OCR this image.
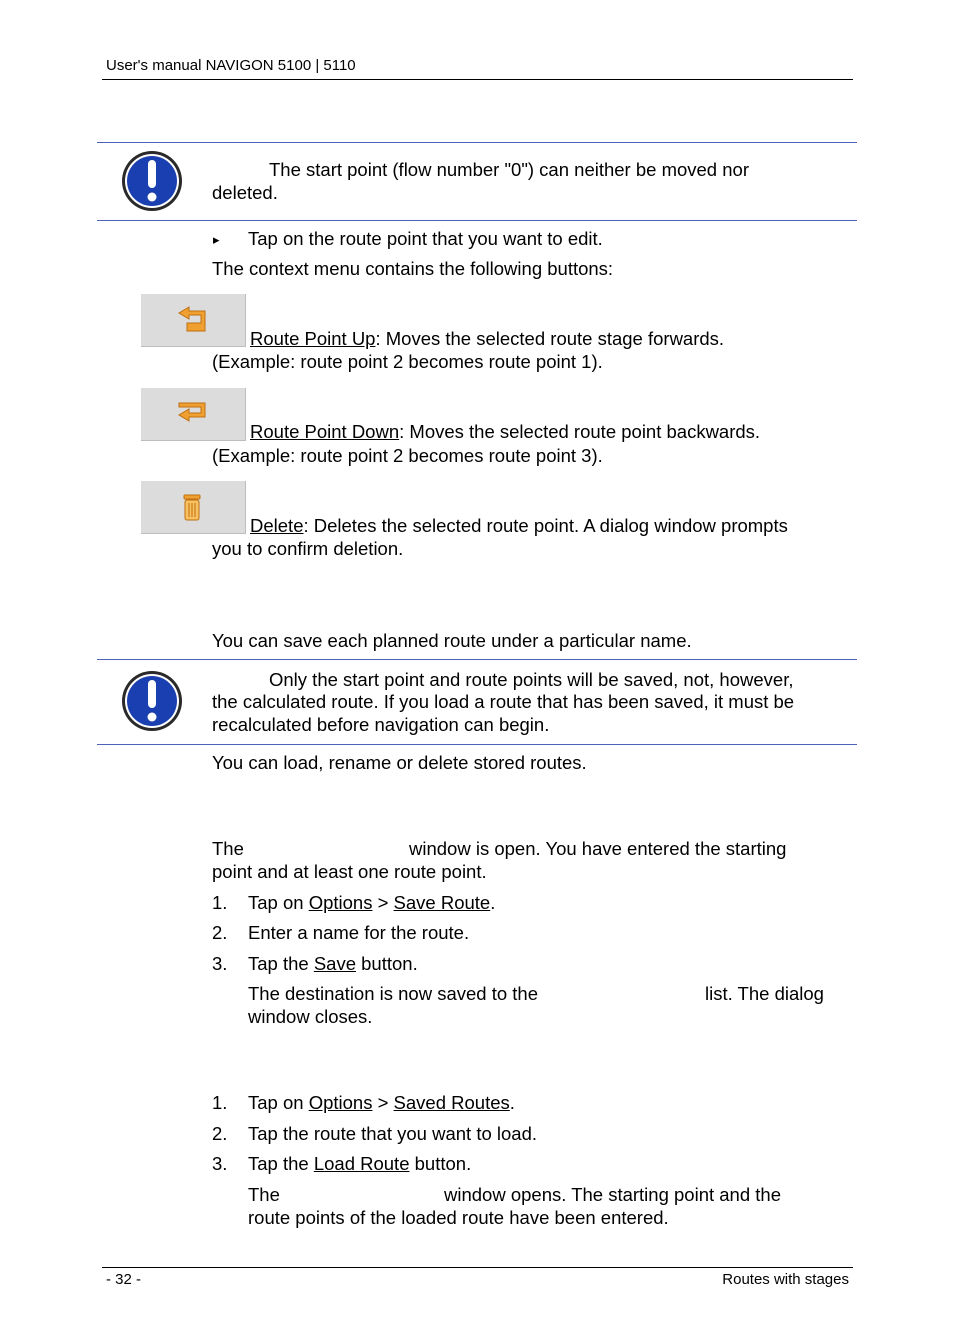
User's manual NAVIGON 5100 | 5110
The start point (flow number "0") can neither be moved nor
deleted.
▸ Tap on the route point that you want to edit.
The context menu contains the following buttons:
Route Point Up: Moves the selected route stage forwards.
(Example: route point 2 becomes route point 1).
Route Point Down: Moves the selected route point backwards.
(Example: route point 2 becomes route point 3).
Delete: Deletes the selected route point. A dialog window prompts
you to confirm deletion.
You can save each planned route under a particular name.
Only the start point and route points will be saved, not, however,
the calculated route. If you load a route that has been saved, it must be
recalculated before navigation can begin.
You can load, rename or delete stored routes.
The	window is open. You have entered the starting
point and at least one route point.
1. Tap on Options > Save Route.
2. Enter a name for the route.
3. Tap the Save button.
The destination is now saved to the	list. The dialog
window closes.
1. Tap on Options > Saved Routes.
2. Tap the route that you want to load.
3. Tap the Load Route button.
The	window opens. The starting point and the
route points of the loaded route have been entered.
- 32 -	Routes with stages
